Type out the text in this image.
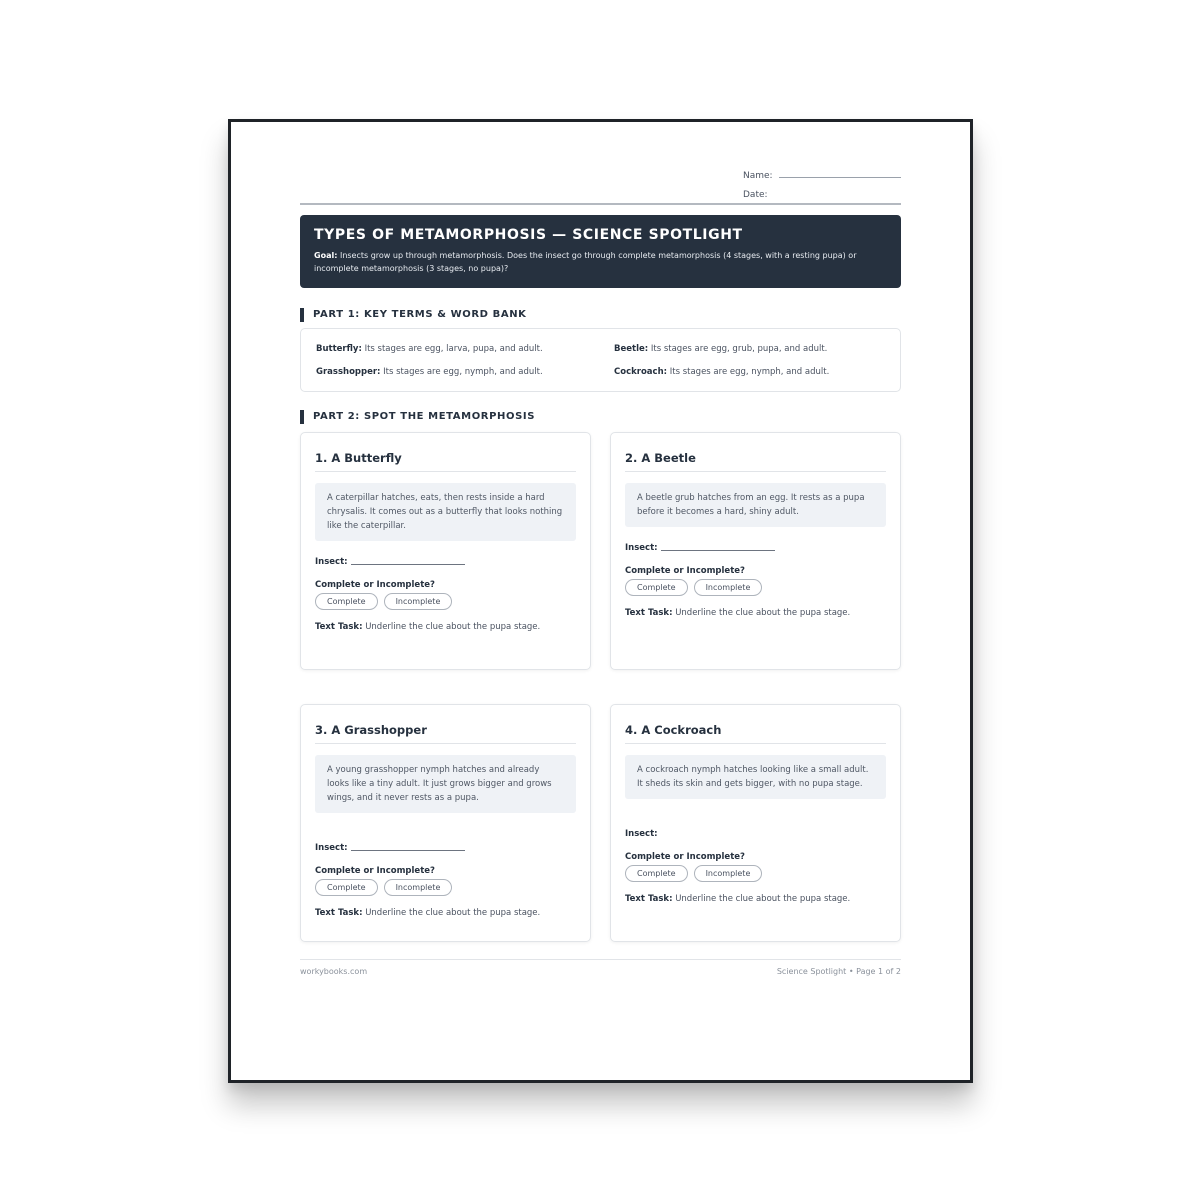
Name:
Date:
TYPES OF METAMORPHOSIS — SCIENCE SPOTLIGHT
Goal: Insects grow up through metamorphosis. Does the insect go through complete metamorphosis (4 stages, with a resting pupa) or incomplete metamorphosis (3 stages, no pupa)?
PART 1: KEY TERMS & WORD BANK
Butterfly: Its stages are egg, larva, pupa, and adult.	Beetle: Its stages are egg, grub, pupa, and adult.
Grasshopper: Its stages are egg, nymph, and adult.	Cockroach: Its stages are egg, nymph, and adult.
PART 2: SPOT THE METAMORPHOSIS
1. A Butterfly
A caterpillar hatches, eats, then rests inside a hard chrysalis. It comes out as a butterfly that looks nothing like the caterpillar.
Insect:
Complete or Incomplete?
Complete	Incomplete
Text Task: Underline the clue about the pupa stage.
2. A Beetle
A beetle grub hatches from an egg. It rests as a pupa before it becomes a hard, shiny adult.
Insect:
Complete or Incomplete?
Complete	Incomplete
Text Task: Underline the clue about the pupa stage.
3. A Grasshopper
A young grasshopper nymph hatches and already looks like a tiny adult. It just grows bigger and grows wings, and it never rests as a pupa.
Insect:
Complete or Incomplete?
Complete	Incomplete
Text Task: Underline the clue about the pupa stage.
4. A Cockroach
A cockroach nymph hatches looking like a small adult. It sheds its skin and gets bigger, with no pupa stage.
Insect:
Complete or Incomplete?
Complete	Incomplete
Text Task: Underline the clue about the pupa stage.
workybooks.com	Science Spotlight • Page 1 of 2
